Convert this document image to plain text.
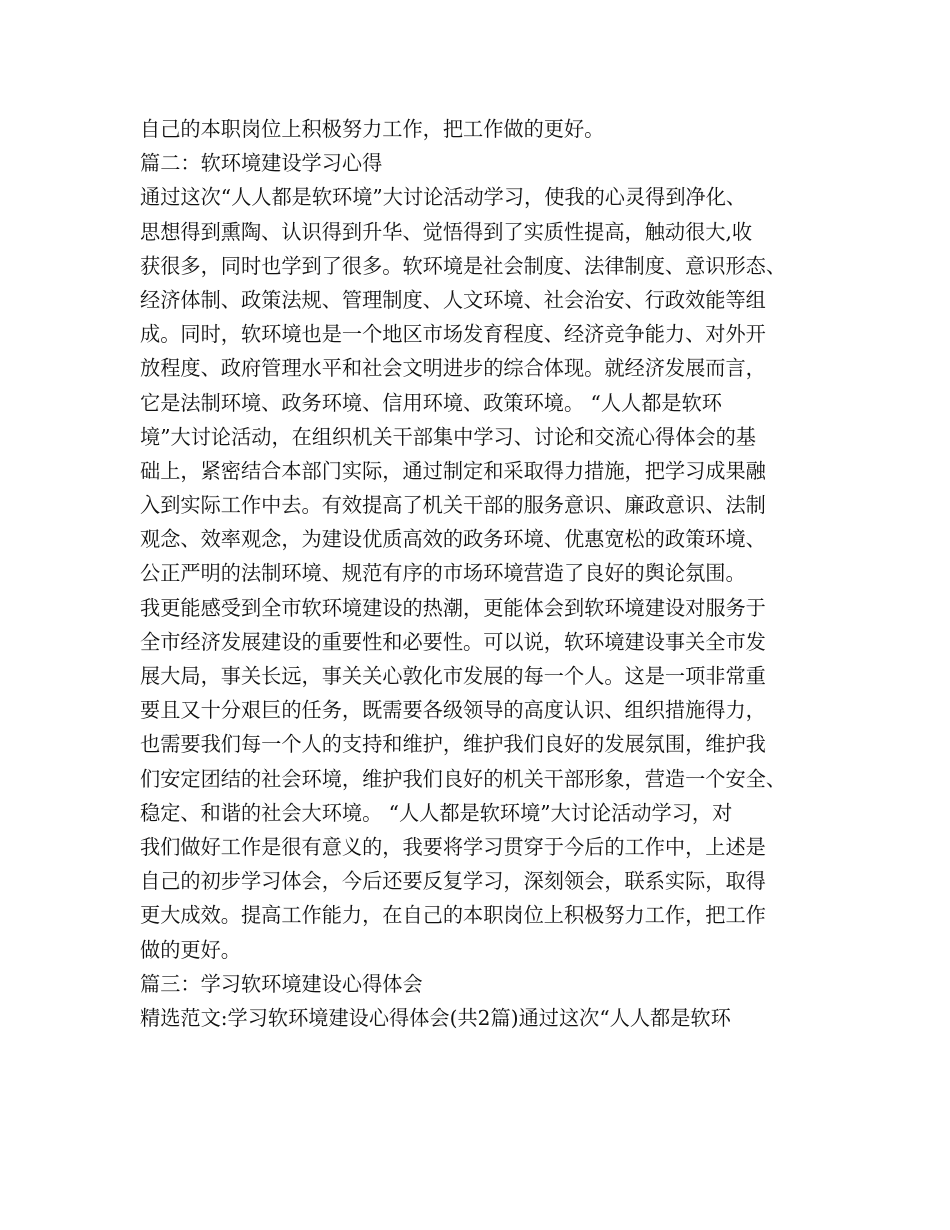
自己的本职岗位上积极努力工作，把工作做的更好。
篇二：软环境建设学习心得
通过这次“人人都是软环境”大讨论活动学习，使我的心灵得到净化、
思想得到熏陶、认识得到升华、觉悟得到了实质性提高，触动很大,收
获很多，同时也学到了很多。软环境是社会制度、法律制度、意识形态、
经济体制、政策法规、管理制度、人文环境、社会治安、行政效能等组
成。同时，软环境也是一个地区市场发育程度、经济竞争能力、对外开
放程度、政府管理水平和社会文明进步的综合体现。就经济发展而言，
它是法制环境、政务环境、信用环境、政策环境。 “人人都是软环
境”大讨论活动，在组织机关干部集中学习、讨论和交流心得体会的基
础上，紧密结合本部门实际，通过制定和采取得力措施，把学习成果融
入到实际工作中去。有效提高了机关干部的服务意识、廉政意识、法制
观念、效率观念，为建设优质高效的政务环境、优惠宽松的政策环境、
公正严明的法制环境、规范有序的市场环境营造了良好的舆论氛围。
我更能感受到全市软环境建设的热潮，更能体会到软环境建设对服务于
全市经济发展建设的重要性和必要性。可以说，软环境建设事关全市发
展大局，事关长远，事关关心敦化市发展的每一个人。这是一项非常重
要且又十分艰巨的任务，既需要各级领导的高度认识、组织措施得力，
也需要我们每一个人的支持和维护，维护我们良好的发展氛围，维护我
们安定团结的社会环境，维护我们良好的机关干部形象，营造一个安全、
稳定、和谐的社会大环境。 “人人都是软环境”大讨论活动学习，对
我们做好工作是很有意义的，我要将学习贯穿于今后的工作中，上述是
自己的初步学习体会，今后还要反复学习，深刻领会，联系实际，取得
更大成效。提高工作能力，在自己的本职岗位上积极努力工作，把工作
做的更好。
篇三：学习软环境建设心得体会
精选范文:学习软环境建设心得体会(共2篇)通过这次“人人都是软环
